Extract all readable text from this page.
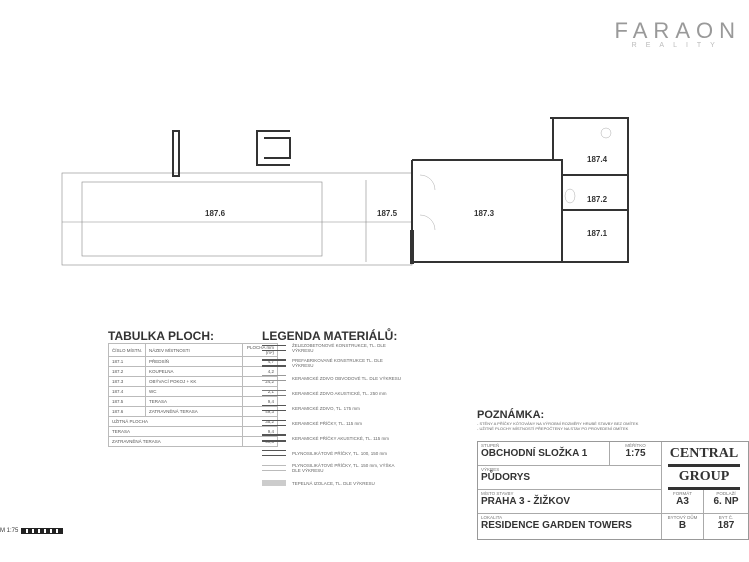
FARAON
REALITY
187.6	187.5	187.3
187.4
187.2
187.1
TABULKA PLOCH:
ČÍSLO MÍSTN.	NÁZEV MÍSTNOSTI	PLOCHA mm (m²)
187.1	PŘEDSÍŇ	4,7
187.2	KOUPELNA	4,2
187.3	OBÝVACÍ POKOJ + KK	24,2
187.4	WC	2,1
187.5	TERASA	9,4
187.6	ZATRAVNĚNÁ TERASA	49,3
UŽITNÁ PLOCHA		35,2
TERASA		9,4
ZATRAVNĚNÁ TERASA		49,3
LEGENDA MATERIÁLŮ:
ŽELEZOBETONOVÉ KONSTRUKCE, TL. DLE VÝKRESU
PREFABRIKOVANÉ KONSTRUKCE TL. DLE VÝKRESU
KERAMICKÉ ZDIVO OBVODOVÉ TL. DLE VÝKRESU
KERAMICKÉ ZDIVO AKUSTICKÉ, TL. 250 mm
KERAMICKÉ ZDIVO, TL. 175 mm
KERAMICKÉ PŘÍČKY, TL. 115 mm
KERAMICKÉ PŘÍČKY AKUSTICKÉ, TL. 115 mm
PLYNOSILIKÁTOVÉ PŘÍČKY, TL. 100, 150 mm
PLYNOSILIKÁTOVÉ PŘÍČKY, TL. 150 mm, VÝŠKA DLE VÝKRESU
TEPELNÁ IZOLACE, TL. DLE VÝKRESU
POZNÁMKA:
- STĚNY A PŘÍČKY KÓTOVÁNY NA VÝROBNÍ ROZMĚRY HRUBÉ STAVBY BEZ OMÍTEK
- UŽITNÉ PLOCHY MÍSTNOSTÍ PŘEPOČTENY NA STAV PO PROVEDENÍ OMÍTEK
STUPEŇ
OBCHODNÍ SLOŽKA 1
MĚŘÍTKO
1:75
VÝKRES
PŮDORYS
CENTRAL
GROUP
MÍSTO STAVBY
PRAHA 3 - ŽIŽKOV
FORMÁT
A3
PODLAŽÍ
6. NP
LOKALITA
RESIDENCE GARDEN TOWERS
BYTOVÝ DŮM
B
BYT Č.
187
M 1:75
